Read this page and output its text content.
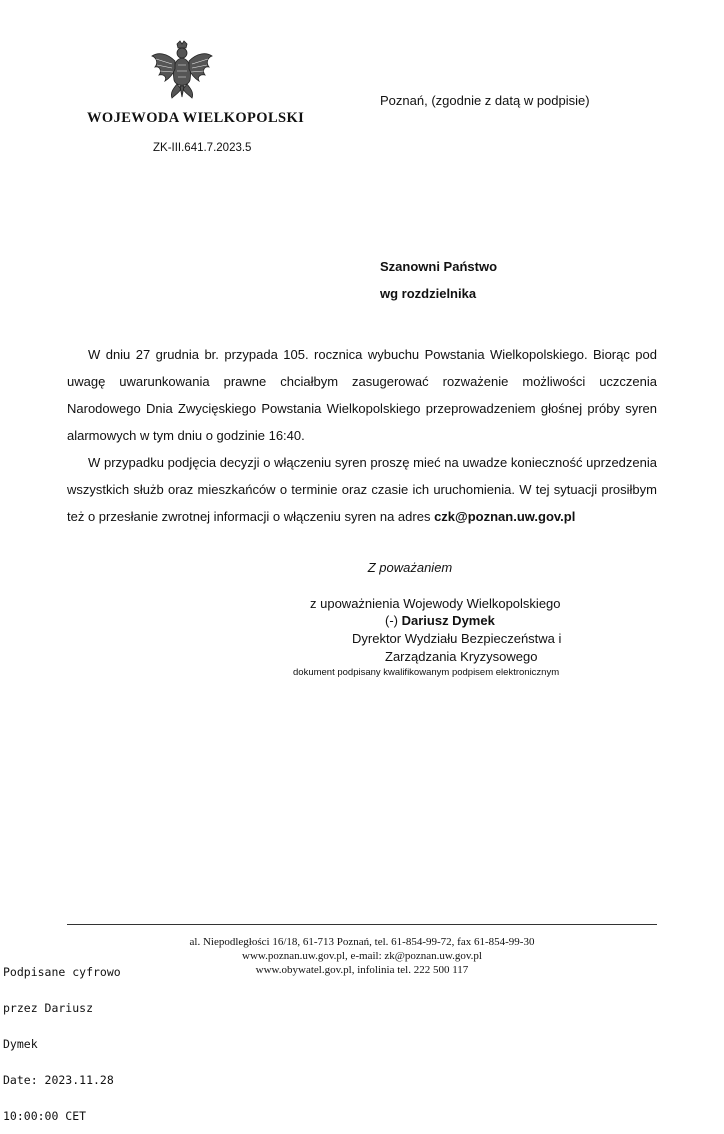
WOJEWODA WIELKOPOLSKI
ZK-III.641.7.2023.5
Poznań, (zgodnie z datą w podpisie)
Szanowni Państwo
wg rozdzielnika

W dniu 27 grudnia br. przypada 105. rocznica wybuchu Powstania Wielkopolskiego. Biorąc pod uwagę uwarunkowania prawne chciałbym zasugerować rozważenie możliwości uczczenia Narodowego Dnia Zwycięskiego Powstania Wielkopolskiego przeprowadzeniem głośnej próby syren alarmowych w tym dniu o godzinie 16:40.

W przypadku podjęcia decyzji o włączeniu syren proszę mieć na uwadze konieczność uprzedzenia wszystkich służb oraz mieszkańców o terminie oraz czasie ich uruchomienia. W tej sytuacji prosiłbym też o przesłanie zwrotnej informacji o włączeniu syren na adres czk@poznan.uw.gov.pl

Z poważaniem
z upoważnienia Wojewody Wielkopolskiego
(-) Dariusz Dymek
Dyrektor Wydziału Bezpieczeństwa i
Zarządzania Kryzysowego
dokument podpisany kwalifikowanym podpisem elektronicznym
al. Niepodległości 16/18, 61-713 Poznań, tel. 61-854-99-72, fax 61-854-99-30
www.poznan.uw.gov.pl, e-mail: zk@poznan.uw.gov.pl
www.obywatel.gov.pl, infolinia tel. 222 500 117

Podpisane cyfrowo

przez Dariusz

Dymek

Date: 2023.11.28

10:00:00 CET
